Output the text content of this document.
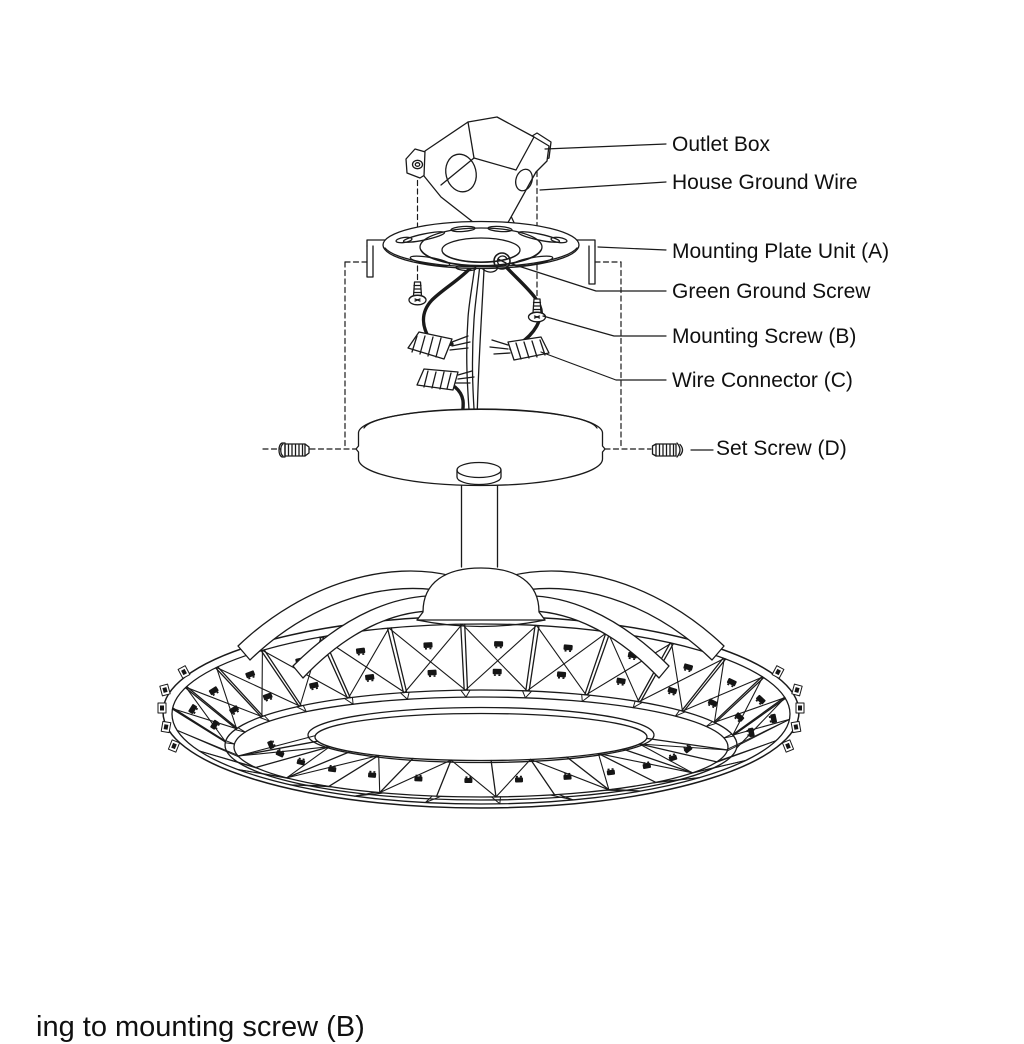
Outlet Box
House Ground Wire
Mounting Plate Unit (A)
Green Ground Screw
Mounting Screw (B)
Wire Connector (C)
Set Screw (D)
ing to mounting screw (B)
